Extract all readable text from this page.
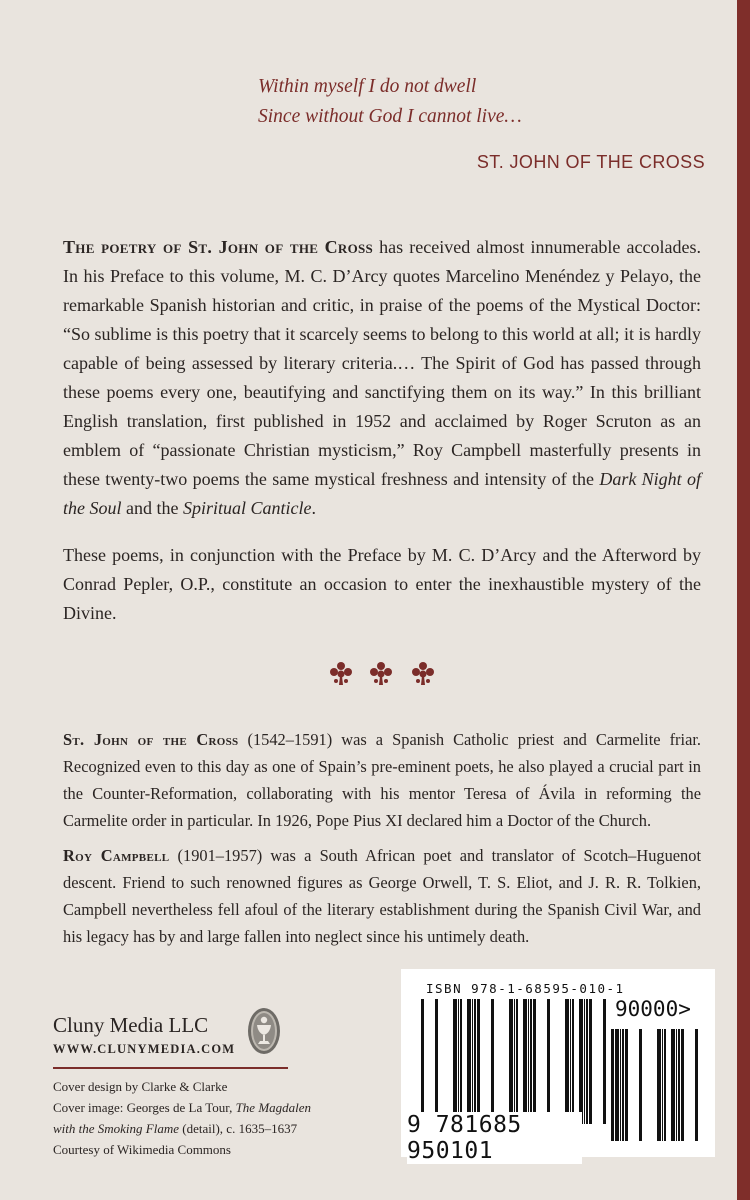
Within myself I do not dwell
Since without God I cannot live…
ST. JOHN OF THE CROSS

The poetry of St. John of the Cross has received almost innumerable accolades. In his Preface to this volume, M. C. D’Arcy quotes Marcelino Menéndez y Pelayo, the remarkable Spanish historian and critic, in praise of the poems of the Mystical Doctor: “So sublime is this poetry that it scarcely seems to belong to this world at all; it is hardly capable of being assessed by literary criteria.… The Spirit of God has passed through these poems every one, beautifying and sanctifying them on its way.” In this brilliant English translation, first published in 1952 and acclaimed by Roger Scruton as an emblem of “passionate Christian mysticism,” Roy Campbell masterfully presents in these twenty-two poems the same mystical freshness and intensity of the Dark Night of the Soul and the Spiritual Canticle.

These poems, in conjunction with the Preface by M. C. D’Arcy and the Afterword by Conrad Pepler, O.P., constitute an occasion to enter the inexhaustible mystery of the Divine.

St. John of the Cross (1542–1591) was a Spanish Catholic priest and Carmelite friar. Recognized even to this day as one of Spain’s pre-eminent poets, he also played a crucial part in the Counter-Reformation, collaborating with his mentor Teresa of Ávila in reforming the Carmelite order in particular. In 1926, Pope Pius XI declared him a Doctor of the Church.

Roy Campbell (1901–1957) was a South African poet and translator of Scotch–Huguenot descent. Friend to such renowned figures as George Orwell, T. S. Eliot, and J. R. R. Tolkien, Campbell nevertheless fell afoul of the literary establishment during the Spanish Civil War, and his legacy has by and large fallen into neglect since his untimely death.

Cluny Media LLC
WWW.CLUNYMEDIA.COM
Cover design by Clarke & Clarke
Cover image: Georges de La Tour, The Magdalen
with the Smoking Flame (detail), c. 1635–1637
Courtesy of Wikimedia Commons
ISBN 978-1-68595-010-1
90000>
9 781685 950101
